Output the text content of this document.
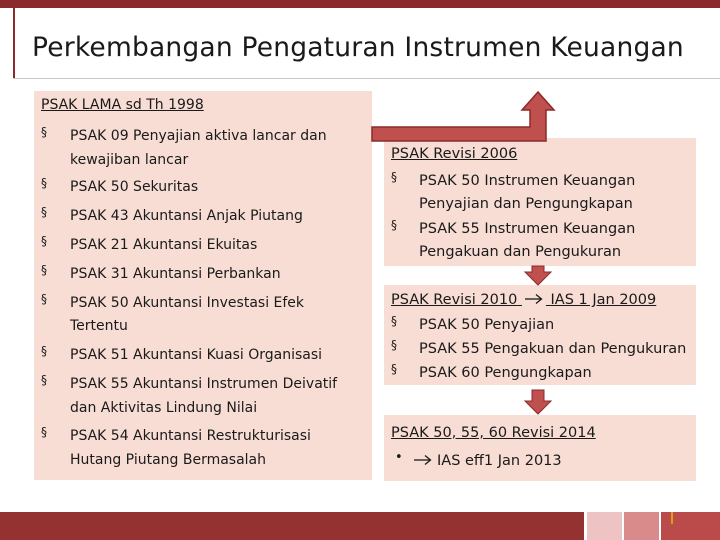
Perkembangan Pengaturan Instrumen Keuangan

PSAK LAMA sd Th 1998

§ PSAK 09 Penyajian aktiva lancar dan
kewajiban lancar
§ PSAK 50 Sekuritas
§ PSAK 43 Akuntansi Anjak Piutang
§ PSAK 21 Akuntansi Ekuitas
§ PSAK 31 Akuntansi Perbankan
§ PSAK 50 Akuntansi Investasi Efek
Tertentu
§ PSAK 51 Akuntansi Kuasi Organisasi
§ PSAK 55 Akuntansi Instrumen Deivatif
dan Aktivitas Lindung Nilai
§ PSAK 54 Akuntansi Restrukturisasi
Hutang Piutang Bermasalah
PSAK Revisi 2006
§ PSAK 50 Instrumen Keuangan
Penyajian dan Pengungkapan
§ PSAK 55 Instrumen Keuangan
Pengakuan dan Pengukuran
PSAK Revisi 2010 IAS 1 Jan 2009
§ PSAK 50 Penyajian
§ PSAK 55 Pengakuan dan Pengukuran
§ PSAK 60 Pengungkapan
PSAK 50, 55, 60 Revisi 2014
•	IAS eff1 Jan 2013
